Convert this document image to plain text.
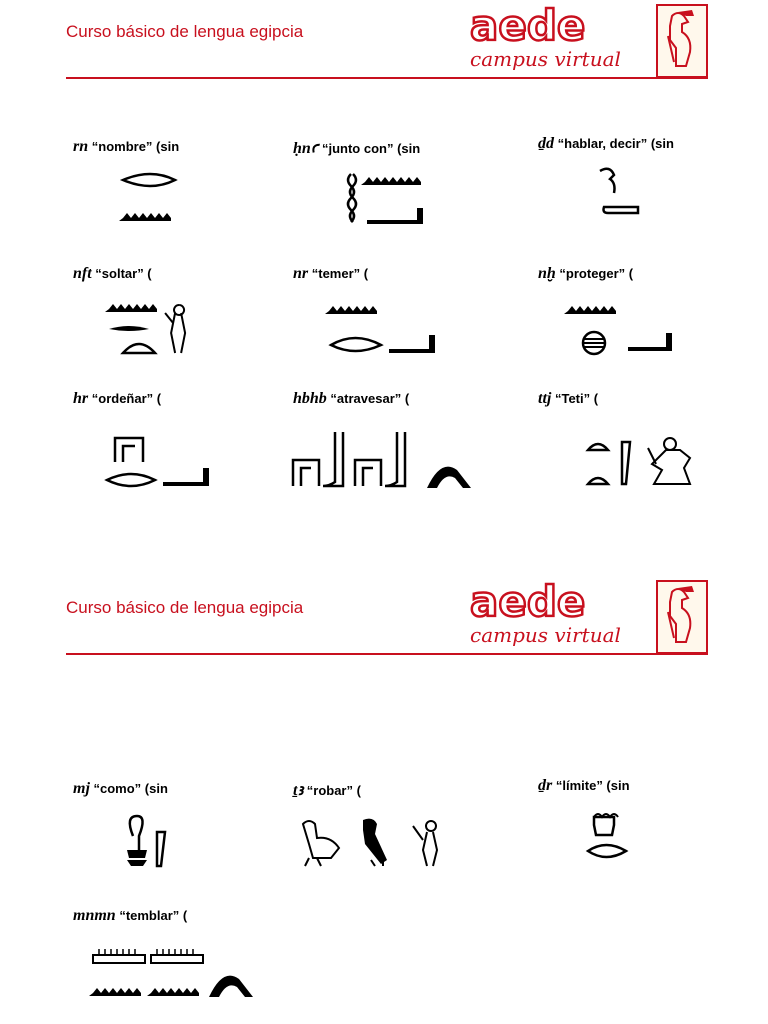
Curso básico de lengua egipcia	aede
campus virtual
Curso básico de lengua egipcia	aede
campus virtual
rn “nombre” (sin	ḥnꜥ “junto con” (sin	ḏd “hablar, decir” (sin
nft “soltar” (	nr “temer” (	nḫ “proteger” (
hr “ordeñar” (	hbhb “atravesar” (	ttj “Teti” (
mj “como” (sin	ṯꜣ “robar” (	ḏr “límite” (sin
mnmn “temblar” (
